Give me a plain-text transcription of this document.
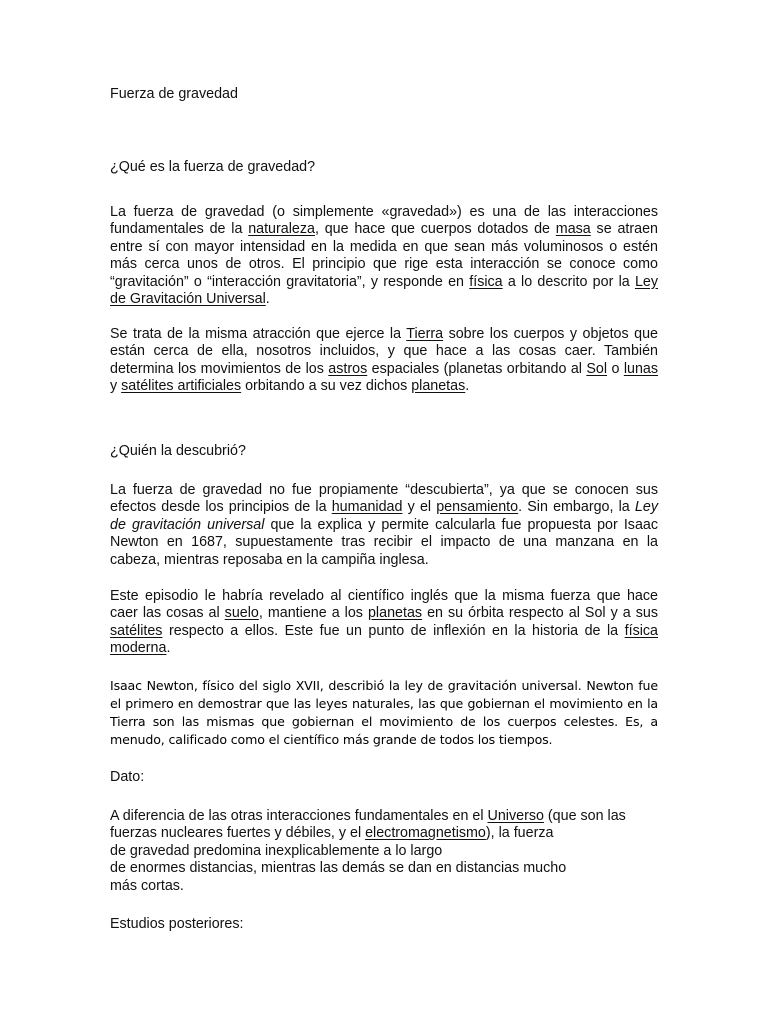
Fuerza de gravedad
¿Qué es la fuerza de gravedad?
La fuerza de gravedad (o simplemente «gravedad») es una de las interacciones fundamentales de la naturaleza, que hace que cuerpos dotados de masa se atraen entre sí con mayor intensidad en la medida en que sean más voluminosos o estén más cerca unos de otros. El principio que rige esta interacción se conoce como “gravitación” o “interacción gravitatoria”, y responde en física a lo descrito por la Ley de Gravitación Universal.
Se trata de la misma atracción que ejerce la Tierra sobre los cuerpos y objetos que están cerca de ella, nosotros incluidos, y que hace a las cosas caer. También determina los movimientos de los astros espaciales (planetas orbitando al Sol o lunas y satélites artificiales orbitando a su vez dichos planetas.
¿Quién la descubrió?
La fuerza de gravedad no fue propiamente “descubierta”, ya que se conocen sus efectos desde los principios de la humanidad y el pensamiento. Sin embargo, la Ley de gravitación universal que la explica y permite calcularla fue propuesta por Isaac Newton en 1687, supuestamente tras recibir el impacto de una manzana en la cabeza, mientras reposaba en la campiña inglesa.
Este episodio le habría revelado al científico inglés que la misma fuerza que hace caer las cosas al suelo, mantiene a los planetas en su órbita respecto al Sol y a sus satélites respecto a ellos. Este fue un punto de inflexión en la historia de la física moderna.
Isaac Newton, físico del siglo XVII, describió la ley de gravitación universal. Newton fue el primero en demostrar que las leyes naturales, las que gobiernan el movimiento en la Tierra son las mismas que gobiernan el movimiento de los cuerpos celestes. Es, a menudo, calificado como el científico más grande de todos los tiempos.
Dato:
A diferencia de las otras interacciones fundamentales en el Universo (que son las fuerzas nucleares fuertes y débiles, y el electromagnetismo), la fuerza
de gravedad predomina inexplicablemente a lo largo
de enormes distancias, mientras las demás se dan en distancias mucho
más cortas.
Estudios posteriores:
